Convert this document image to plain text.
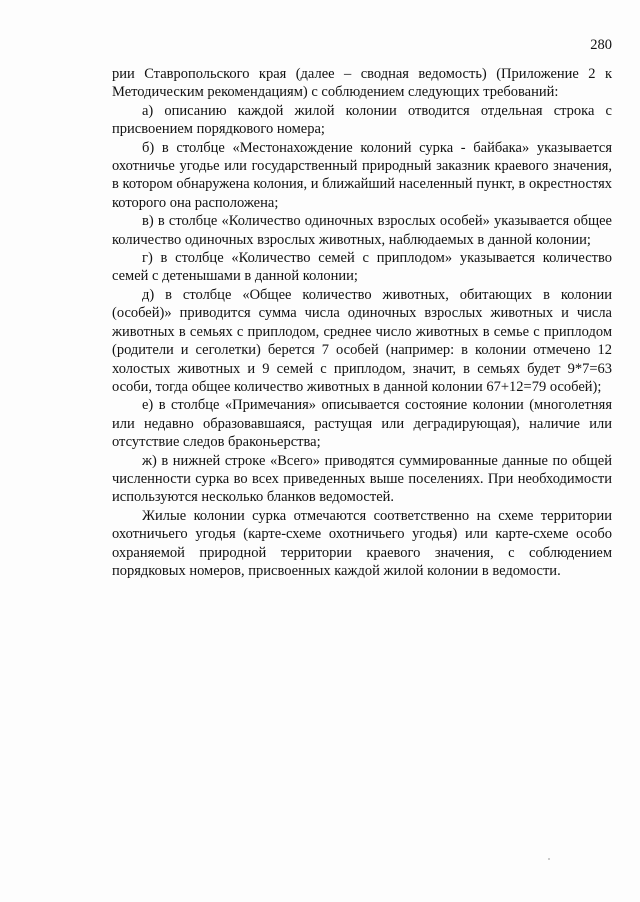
280

рии Ставропольского края (далее – сводная ведомость) (Приложение 2 к Методическим рекомендациям) с соблюдением следующих требований:

а) описанию каждой жилой колонии отводится отдельная строка с присвоением порядкового номера;

б) в столбце «Местонахождение колоний сурка - байбака» указывается охотничье угодье или государственный природный заказник краевого значения, в котором обнаружена колония, и ближайший населенный пункт, в окрестностях которого она расположена;

в) в столбце «Количество одиночных взрослых особей» указывается общее количество одиночных взрослых животных, наблюдаемых в данной колонии;

г) в столбце «Количество семей с приплодом» указывается количество семей с детенышами в данной колонии;

д) в столбце «Общее количество животных, обитающих в колонии (особей)» приводится сумма числа одиночных взрослых животных и числа животных в семьях с приплодом, среднее число животных в семье с приплодом (родители и сеголетки) берется 7 особей (например: в колонии отмечено 12 холостых животных и 9 семей с приплодом, значит, в семьях будет 9*7=63 особи, тогда общее количество животных в данной колонии 67+12=79 особей);

е) в столбце «Примечания» описывается состояние колонии (многолетняя или недавно образовавшаяся, растущая или деградирующая), наличие или отсутствие следов браконьерства;

ж) в нижней строке «Всего» приводятся суммированные данные по общей численности сурка во всех приведенных выше поселениях. При необходимости используются несколько бланков ведомостей.

Жилые колонии сурка отмечаются соответственно на схеме территории охотничьего угодья (карте-схеме охотничьего угодья) или карте-схеме особо охраняемой природной территории краевого значения, с соблюдением порядковых номеров, присвоенных каждой жилой колонии в ведомости.
